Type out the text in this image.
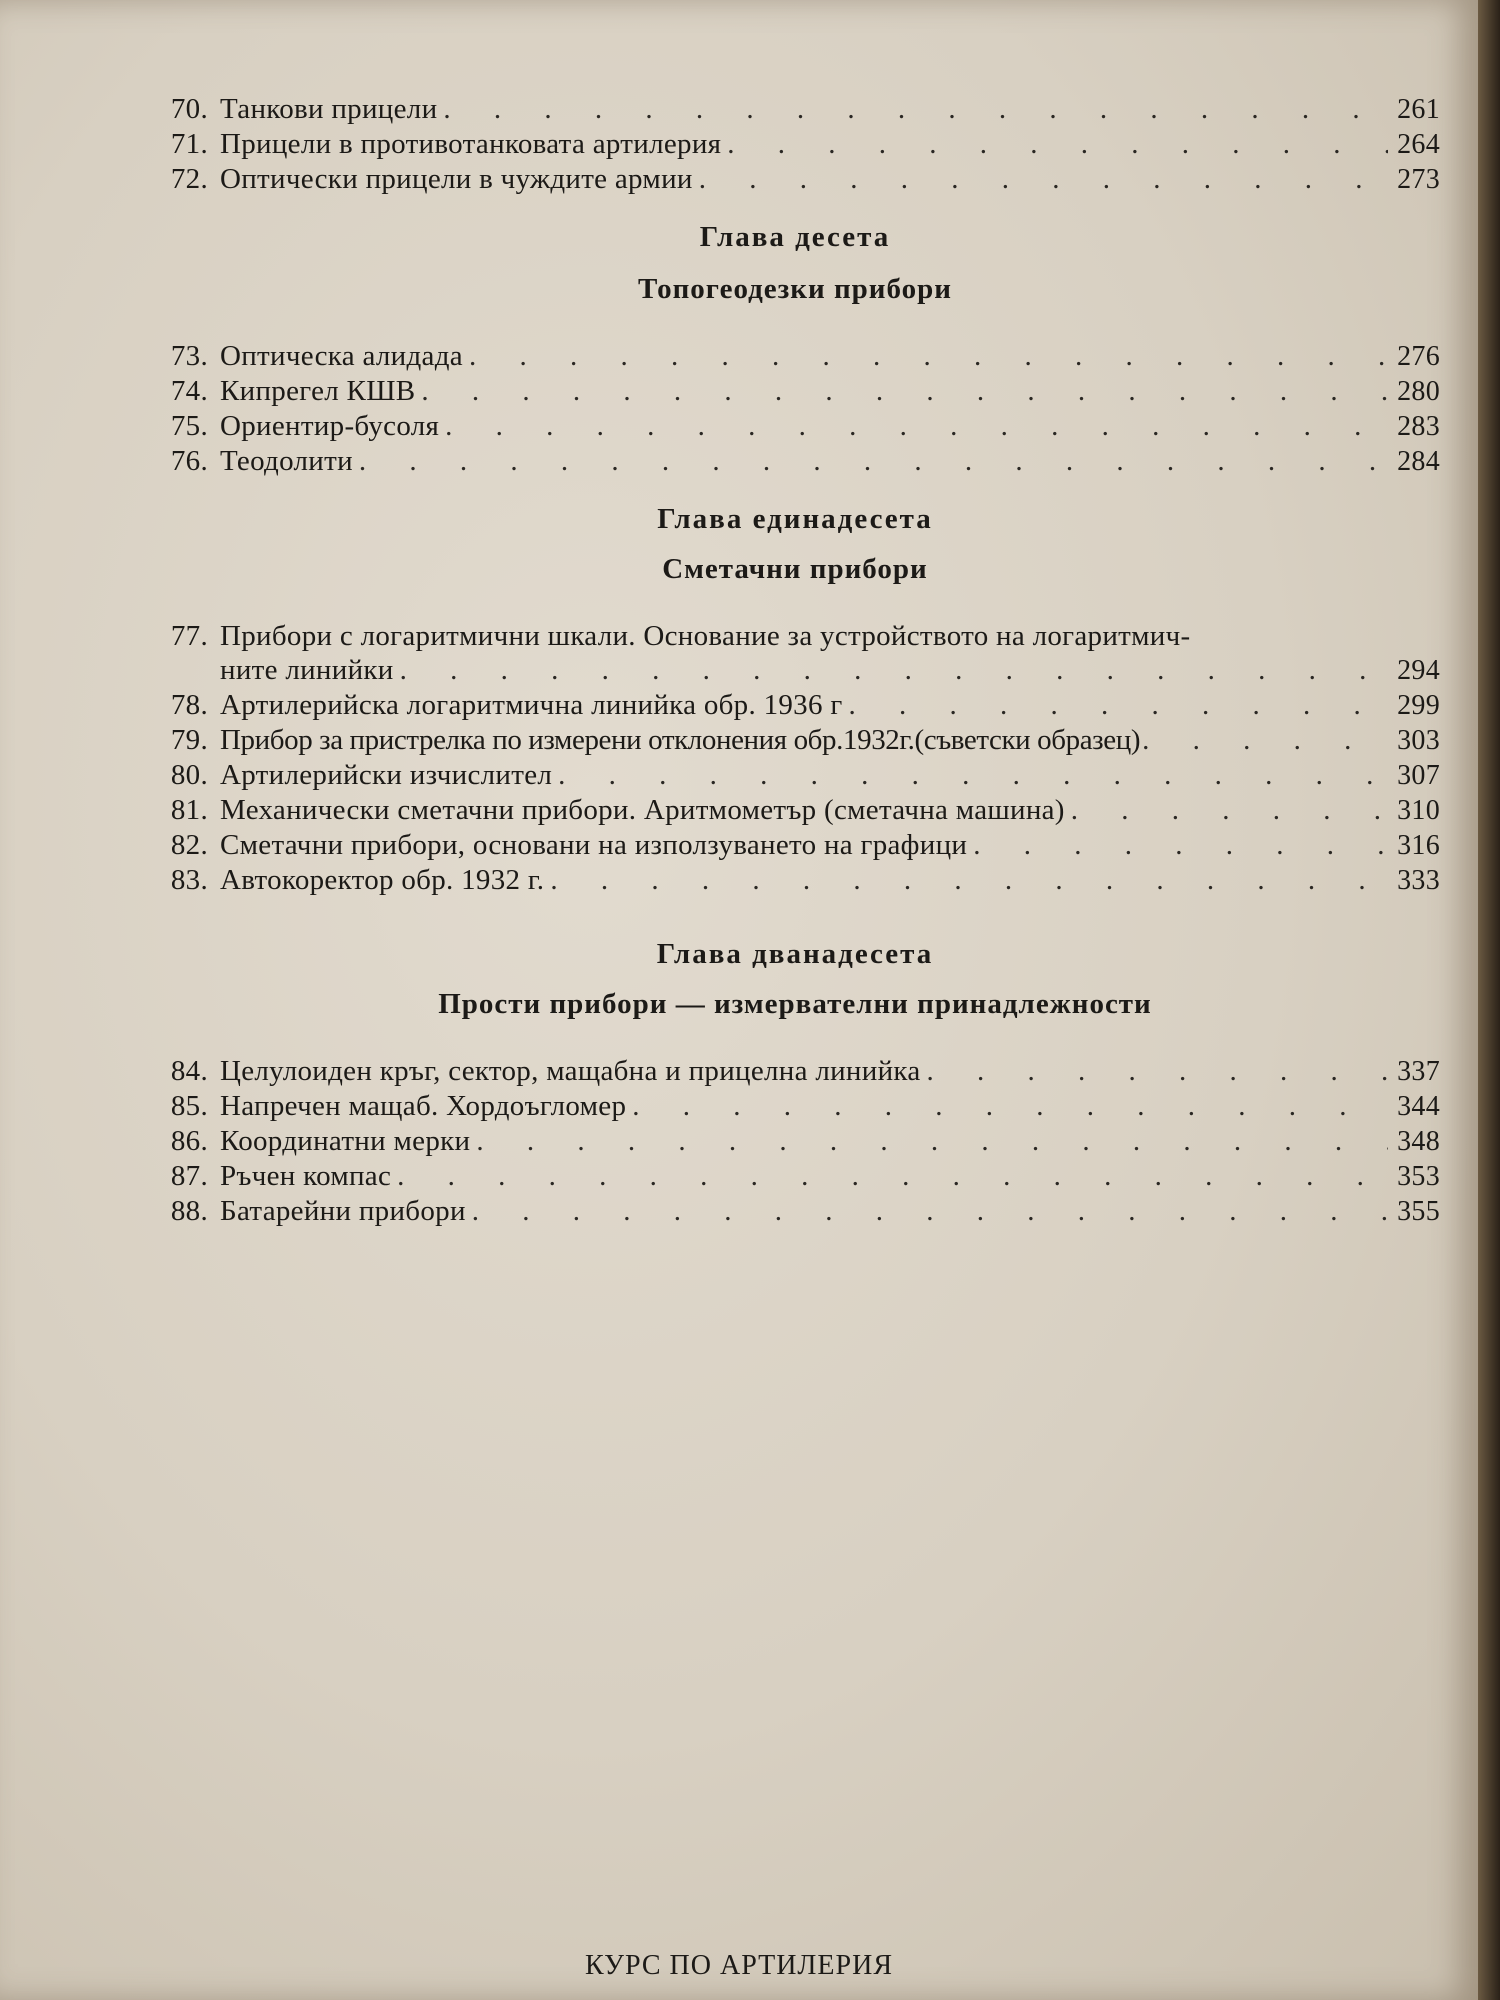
70. Танкови прицели . . .	261
71. Прицели в противотанковата артилерия . . .	264
72. Оптически прицели в чуждите армии . . .	273
Глава десета
Топогеодезки прибори
73. Оптическа алидада . . .	276
74. Кипрегел КШВ . . .	280
75. Ориентир-бусоля . . .	283
76. Теодолити . . .	284
Глава единадесета
Сметачни прибори
77. Прибори с логаритмични шкали. Основание за устройството на логаритмич-
ните линийки . . .	294
78. Артилерийска логаритмична линийка обр. 1936 г . . .	299
79. Прибор за пристрелка по измерени отклонения обр.1932г.(съветски образец) . . .	303
80. Артилерийски изчислител . . .	307
81. Механически сметачни прибори. Аритмометър (сметачна машина) . . .	310
82. Сметачни прибори, основани на използуването на графици . . .	316
83. Автокоректор обр. 1932 г. . . .	333
Глава дванадесета
Прости прибори — измервателни принадлежности
84. Целулоиден кръг, сектор, мащабна и прицелна линийка . . .	337
85. Напречен мащаб. Хордоъгломер . . .	344
86. Координатни мерки . . .	348
87. Ръчен компас . . .	353
88. Батарейни прибори . . .	355
КУРС ПО АРТИЛЕРИЯ
